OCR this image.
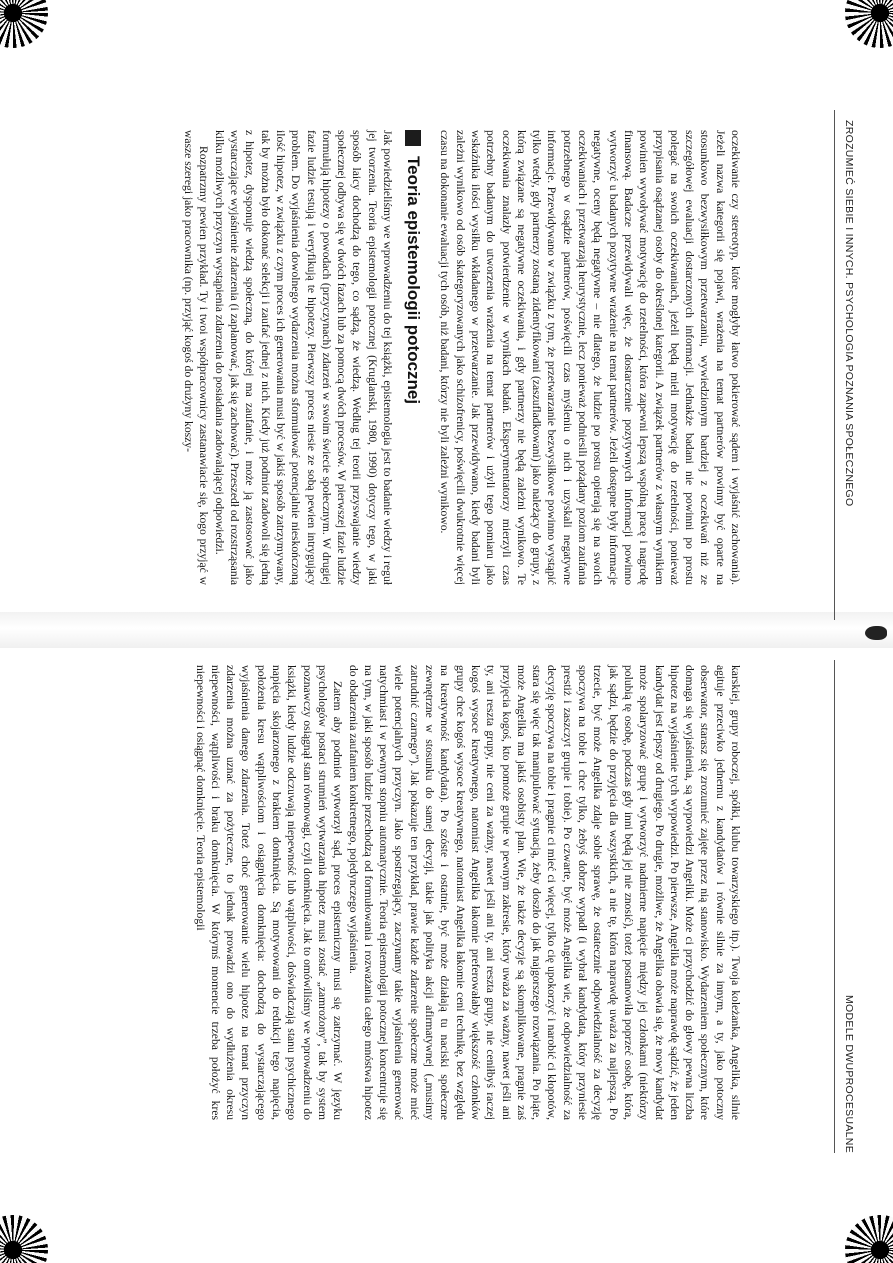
ZROZUMIEĆ SIEBIE I INNYCH. PSYCHOLOGIA POZNANIA SPOŁECZNEGO

oczekiwanie czy stereotyp, które mogłyby łatwo pokierować sądem i wyjaśnić zachowania). Jeżeli nazwa kategorii się pojawi, wrażenia na temat partnerów powinny być oparte na stosunkowo bezwysiłkowym przetwarzaniu, wywiedzionym bardziej z oczekiwań niż ze szczegółowej ewaluacji dostarczonych informacji. Jednakże badani nie powinni po prostu polegać na swoich oczekiwaniach, jeżeli będą mieli motywację do rzetelności, ponieważ przypisania osądzanej osoby do określonej kategorii. A związek partnerów z własnym wynikiem powinien wywoływać motywację do rzetelności, która zapewni lepszą wspólną pracę i nagrodę finansową. Badacze przewidywali więc, że dostarczenie pozytywnych informacji powinno wytworzyć u badanych pozytywne wrażenie na temat partnerów. Jeżeli dostępne były informacje negatywne, oceny będą negatywne – nie dlatego, że ludzie po prostu opierają się na swoich oczekiwaniach i przetwarzają heurystycznie, lecz ponieważ podniesili pożądany poziom zaufania potrzebnego w osądzie partnerów, poświęcili czas myśleniu o nich i uzyskali negatywne informacje. Przewidywano w związku z tym, że przetwarzanie bezwysiłkowe powinno wystąpić tylko wtedy, gdy partnerzy zostaną zidentyfikowani (zaszufladkowani) jako należący do grupy, z którą związane są negatywne oczekiwania, i gdy partnerzy nie będą zależni wynikowo. Te oczekiwania znalazły potwierdzenie w wynikach badań. Eksperymentatorzy mierzyli czas potrzebny badanym do utworzenia wrażenia na temat partnerów i użyli tego pomiaru jako wskaźnika ilości wysiłku wkładanego w przetwarzanie. Jak przewidywano, kiedy badani byli zależni wynikowo od osób skategoryzowanych jako schizofrenicy, poświęcili dwukrotnie więcej czasu na dokonanie ewaluacji tych osób, niż badani, którzy nie byli zależni wynikowo.

Teoria epistemologii potocznej

Jak powiedzieliśmy we wprowadzeniu do tej książki, epistemologia jest to badanie wiedzy i reguł jej tworzenia. Teoria epistemologii potocznej (Kruglanski, 1980, 1990) dotyczy tego, w jaki sposób laicy dochodzą do tego, co sądzą, że wiedzą. Według tej teorii przyswajanie wiedzy społecznej odbywa się w dwóch fazach lub za pomocą dwóch procesów. W pierwszej fazie ludzie formułują hipotezy o powodach (przyczynach) zdarzeń w swoim świecie społecznym. W drugiej fazie ludzie testują i weryfikują te hipotezy. Pierwszy proces niesie ze sobą pewien intrygujący problem. Do wyjaśnienia dowolnego wydarzenia można sformułować potencjalnie nieskończoną ilość hipotez, w związku z czym proces ich generowania musi być w jakiś sposób zatrzymywany, tak by można było dokonać selekcji i zaufać jednej z nich. Kiedy już podmiot zadowoli się jedną z hipotez, dysponuje wiedzą społeczną, do której ma zaufanie, i może ją zastosować jako wystarczające wyjaśnienie zdarzenia (i zapłanować, jak się zachować). Przeszedł od rozstrząsania kilku możliwych przyczyn wystąpienia zdarzenia do posiadania zadowalającej odpowiedzi.

Rozpatrzmy pewien przykład. Ty i twoi współpracownicy zastanawiacie się, kogo przyjąć w wasze szeregi jako pracownika (np. przyjąć kogoś do drużyny koszy-

MODELE DWUPROCESUALNE

karskiej, grupy roboczej, spółki, klubu towarzyskiego itp.). Twoja koleżanka, Angelika, silnie agituje przeciwko jednemu z kandydatów i równie silnie za innym, a ty, jako potoczny obserwator, starasz się zrozumieć zajęte przez nią stanowisko. Wydarzeniem społecznym, które domaga się wyjaśnienia, są wypowiedzi Angeliki. Może ci przychodzić do głowy pewna liczba hipotez na wyjaśnienie tych wypowiedzi. Po pierwsze, Angelika może naprawdę sądzić, że jeden kandydat jest lepszy od drugiego. Po drugie, możliwe, że Angelika obawia się, że nowy kandydat może spolaryzować grupę i wytworzyć nadmierne napięcie między jej członkami (niektórzy polubią tę osobę, podczas gdy inni będą jej nie znosić), toteż postanowiła poprzeć osobę, która, jak sądzi, będzie do przyjęcia dla wszystkich, a nie tę, która naprawdę uważa za najlepszą. Po trzecie, być może Angelika zdaje sobie sprawę, że ostatecznie odpowiedzialność za decyzję spoczywa na tobie i chce tylko, żebyś dobrze wypadł (i wybrał kandydata, który przyniesie prestiż i zaszczyt grupie i tobie). Po czwarte, być może Angelika wie, że odpowiedzialność za decyzję spoczywa na tobie i pragnie ci mieć ci więcej, tylko cię upokorzyć i narobić ci kłopotów, stara się więc tak manipulować sytuacją, żeby doszło do jak najgorszego rozwiązania. Po piąte, może Angelika ma jakiś osobisty plan. Wie, że także decyzje są skomplikowane, pragnie zaś przyjęcia kogoś, kto pomoże grupie w pewnym zakresie, który uważa za ważny, nawet jeśli ani ty, ani reszta grupy, nie ceni za ważny, nawet jeśli ani ty, ani reszta grupy, nie ceniłbyś raczej kogoś wysoce kreatywnego, natomiast Angelika łakomie preferowałaby większość członków grupy chce kogoś wysoce kreatywnego, natomiast Angelika łakomie ceni technikę, bez względu na kreatywność kandydata). Po szóste i ostatnie, być może działają tu naciski społeczne zewnętrzne w stosunku do samej decyzji, takie jak polityka akcji afirmatywnej („musimy zatrudnić czarnego”). Jak pokazuje ten przykład, prawie każde zdarzenie społeczne może mieć wiele potencjalnych przyczyn. Jako spostrzegający, zaczynamy takie wyjaśnienia generować natychmiast i w pewnym stopniu automatycznie. Teoria epistemologii potocznej koncentruje się na tym, w jaki sposób ludzie przechodzą od formułowania i rozważania całego mnóstwa hipotez do obdarzenia zaufaniem konkretnego, pojedynczego wyjaśnienia.

Zatem aby podmiot wytworzył sąd, proces epistemiczny musi się zatrzymać. W języku psychologów postaci strumień wytwarzania hipotez musi zostać „zamrożony”, tak by system poznawczy osiągnął stan równowagi, czyli domknięcia. Jak to omówiliśmy we wprowadzeniu do książki, kiedy ludzie odczuwają niepewność lub wątpliwości, doświadczają stanu psychicznego napięcia skojarzonego z brakiem domknięcia. Są motywowani do redukcji tego napięcia, położenia kresu wątpliwościom i osiągnięcia domknięcia: dochodzą do wystarczającego wyjaśnienia danego zdarzenia. Toteż choć generowanie wielu hipotez na temat przyczyn zdarzenia można uznać za pożyteczne, to jednak prowadzi ono do wydłużenia okresu niepewności, wątpliwości i braku domknięcia. W którymś momencie trzeba położyć kres niepewności i osiągnąć domknięcie. Teoria epistemologii
